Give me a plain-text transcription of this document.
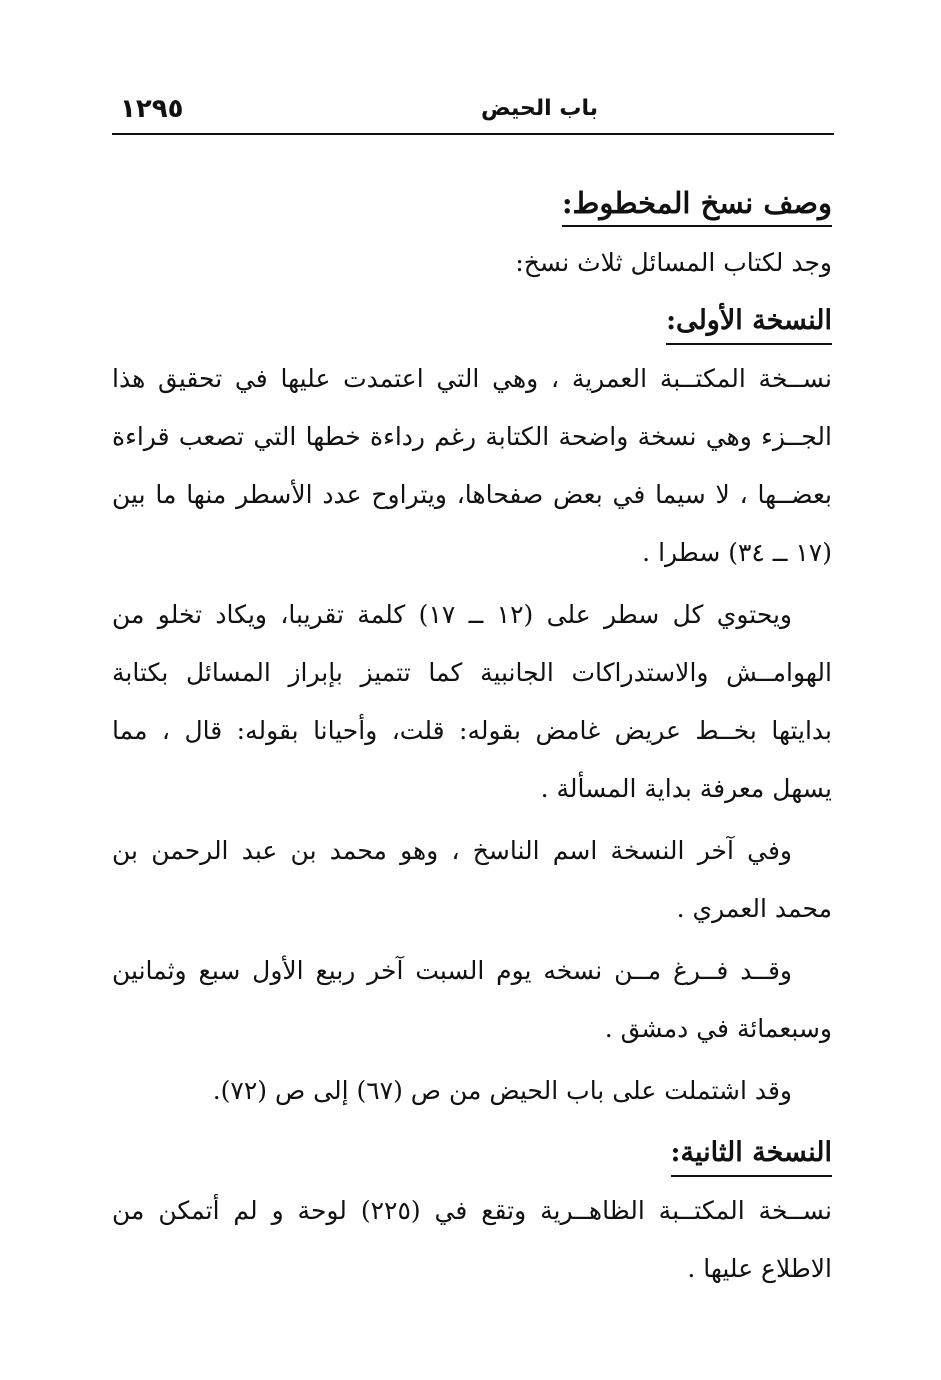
١٢٩٥	باب الحيض
وصف نسخ المخطوط:

وجد لكتاب المسائل ثلاث نسخ:

النسخة الأولى:

نســخة المكتــبة العمرية ، وهي التي اعتمدت عليها في تحقيق هذا الجــزء وهي نسخة واضحة الكتابة رغم رداءة خطها التي تصعب قراءة بعضــها ، لا سيما في بعض صفحاها، ويتراوح عدد الأسطر منها ما بين (١٧ ــ ٣٤) سطرا .

ويحتوي كل سطر على (١٢ ــ ١٧) كلمة تقريبا، ويكاد تخلو من الهوامــش والاستدراكات الجانبية كما تتميز بإبراز المسائل بكتابة بدايتها بخــط عريض غامض بقوله: قلت، وأحيانا بقوله: قال ، مما يسهل معرفة بداية المسألة .

وفي آخر النسخة اسم الناسخ ، وهو محمد بن عبد الرحمن بن محمد العمري .

وقــد فــرغ مــن نسخه يوم السبت آخر ربيع الأول سبع وثمانين وسبعمائة في دمشق .

وقد اشتملت على باب الحيض من ص (٦٧) إلى ص (٧٢).

النسخة الثانية:

نســخة المكتــبة الظاهــرية وتقع في (٢٢٥) لوحة و لم أتمكن من الاطلاع عليها .
